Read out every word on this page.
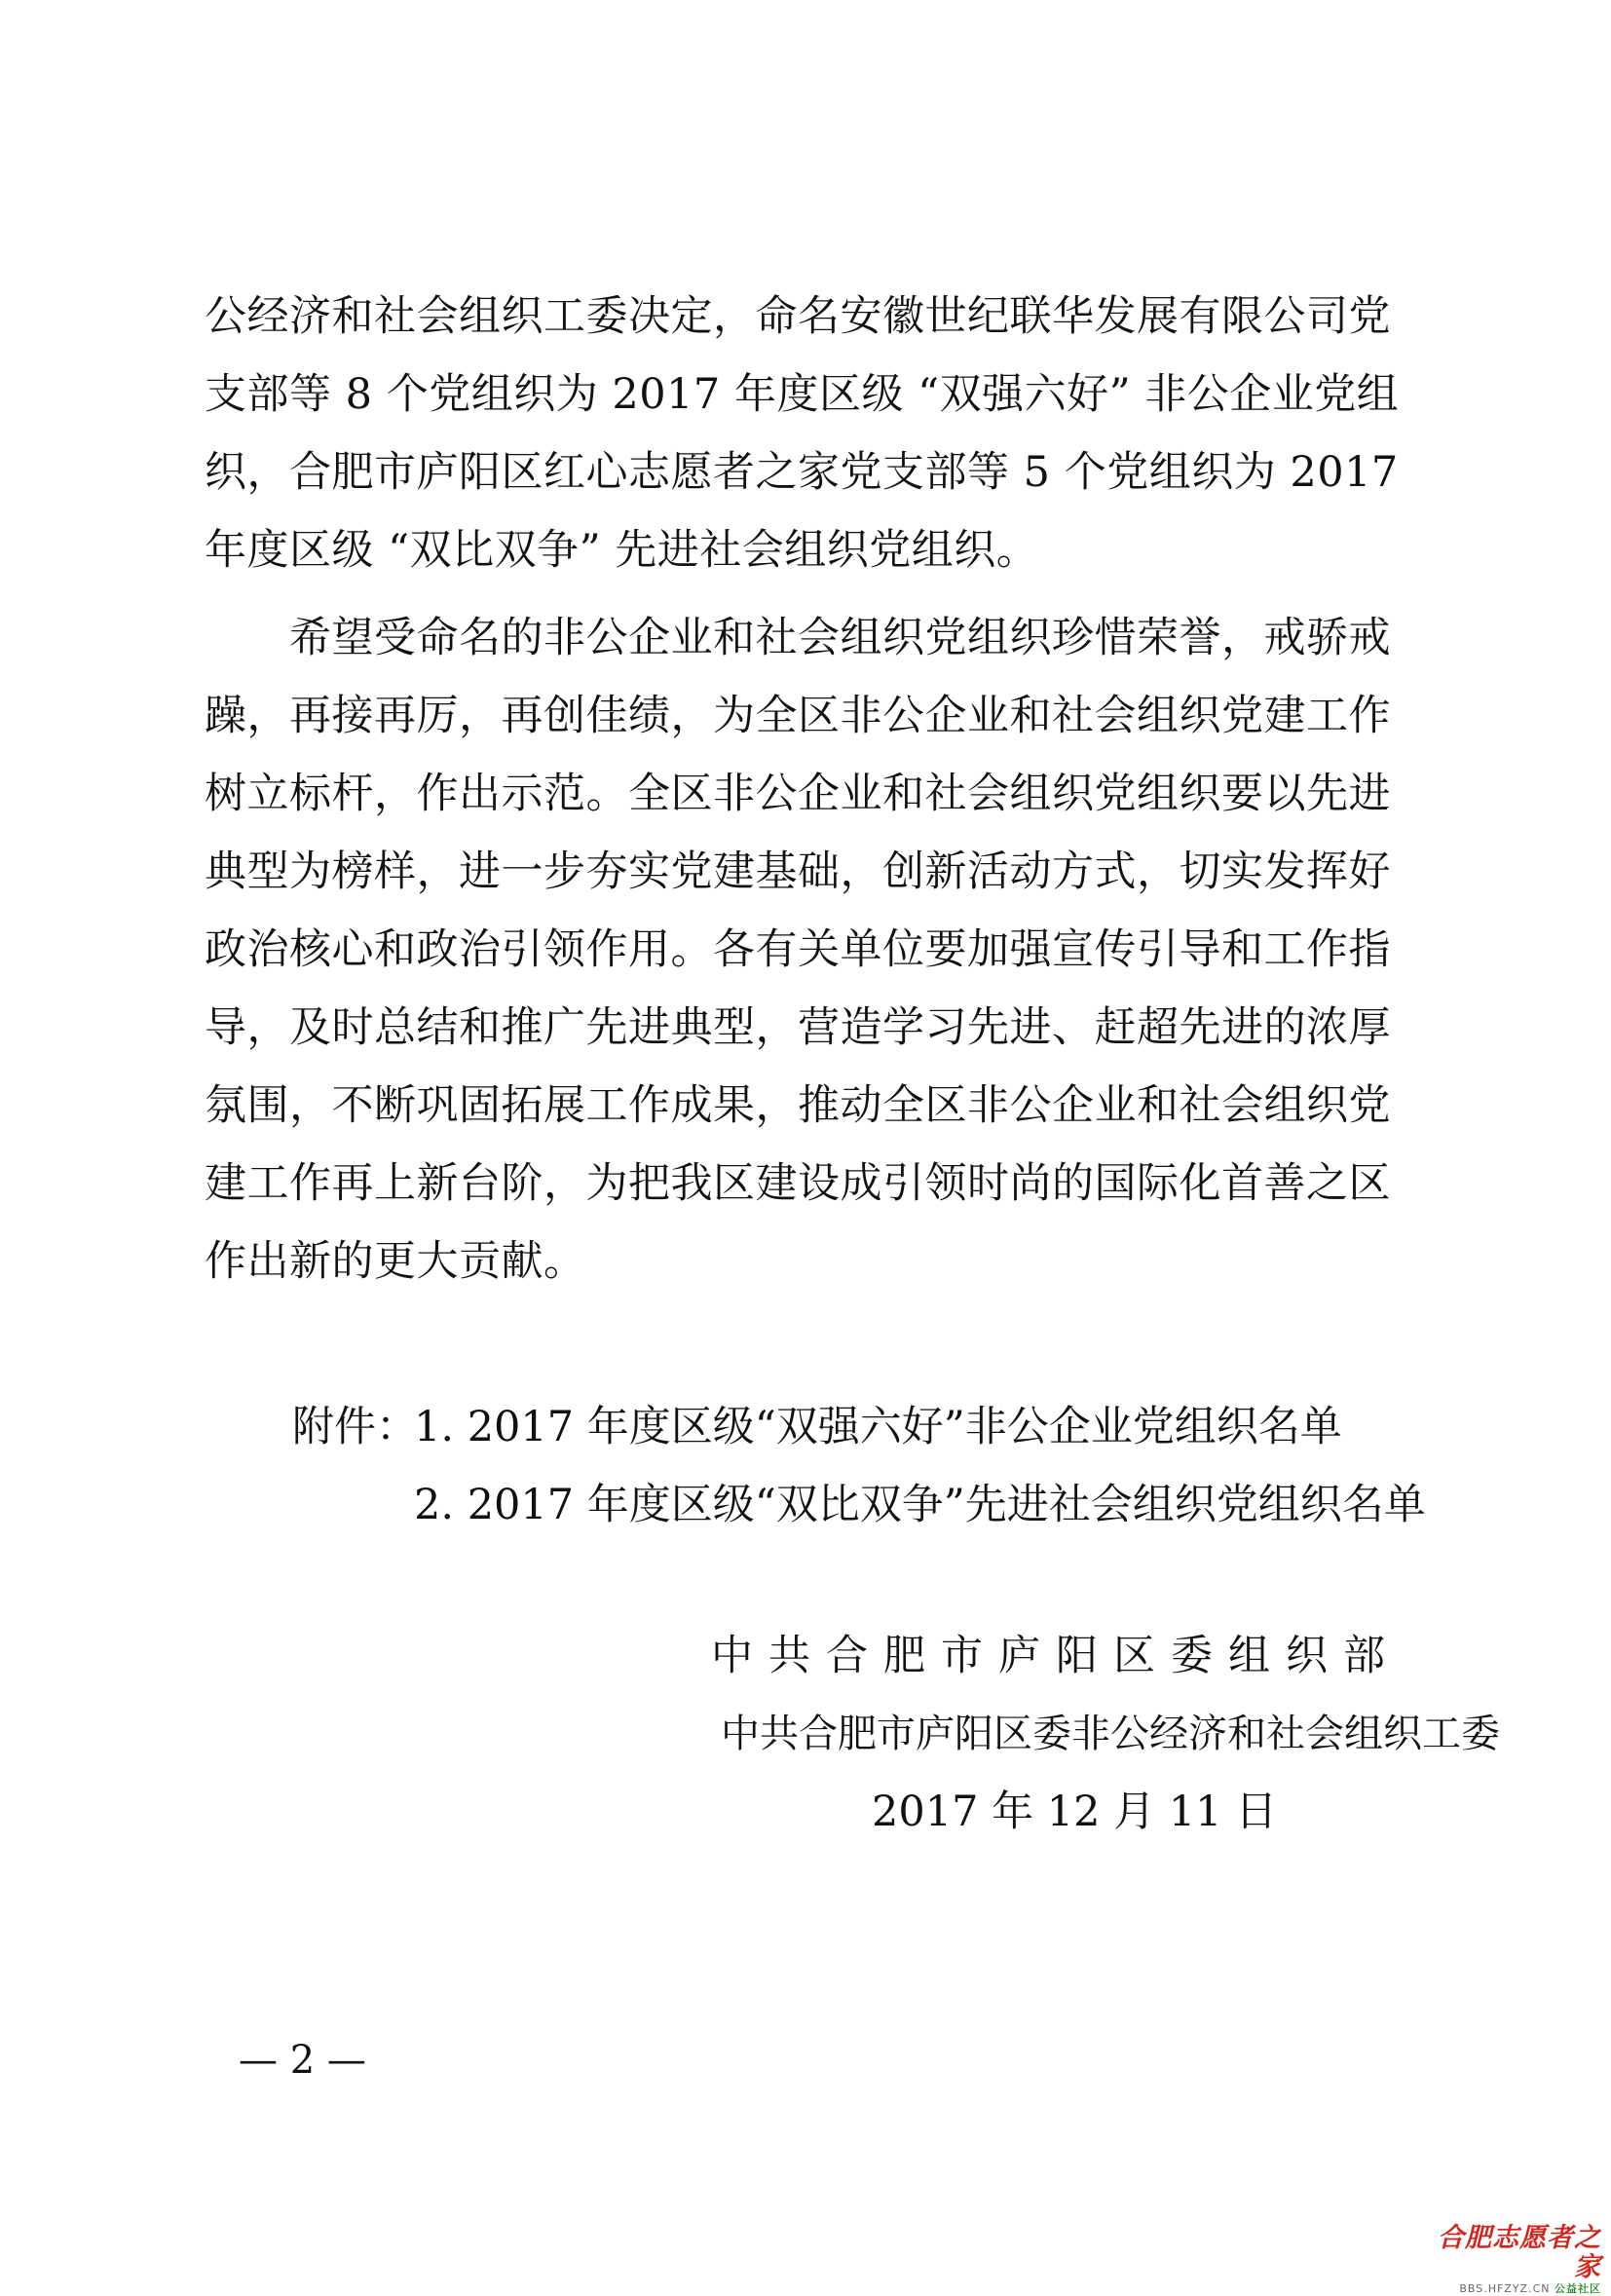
公经济和社会组织工委决定，命名安徽世纪联华发展有限公司党
支部等 8 个党组织为 2017 年度区级 “双强六好” 非公企业党组
织，合肥市庐阳区红心志愿者之家党支部等 5 个党组织为 2017
年度区级 “双比双争” 先进社会组织党组织。
　　希望受命名的非公企业和社会组织党组织珍惜荣誉，戒骄戒
躁，再接再厉，再创佳绩，为全区非公企业和社会组织党建工作
树立标杆，作出示范。全区非公企业和社会组织党组织要以先进
典型为榜样，进一步夯实党建基础，创新活动方式，切实发挥好
政治核心和政治引领作用。各有关单位要加强宣传引导和工作指
导，及时总结和推广先进典型，营造学习先进、赶超先进的浓厚
氛围，不断巩固拓展工作成果，推动全区非公企业和社会组织党
建工作再上新台阶，为把我区建设成引领时尚的国际化首善之区
作出新的更大贡献。
附件：
1. 2017 年度区级“双强六好”非公企业党组织名单
2. 2017 年度区级“双比双争”先进社会组织党组织名单
中共合肥市庐阳区委组织部
中共合肥市庐阳区委非公经济和社会组织工委
2017 年 12 月 11 日
— 2 —
合肥志愿者之家
BBS.HFZYZ.CN 公益社区
